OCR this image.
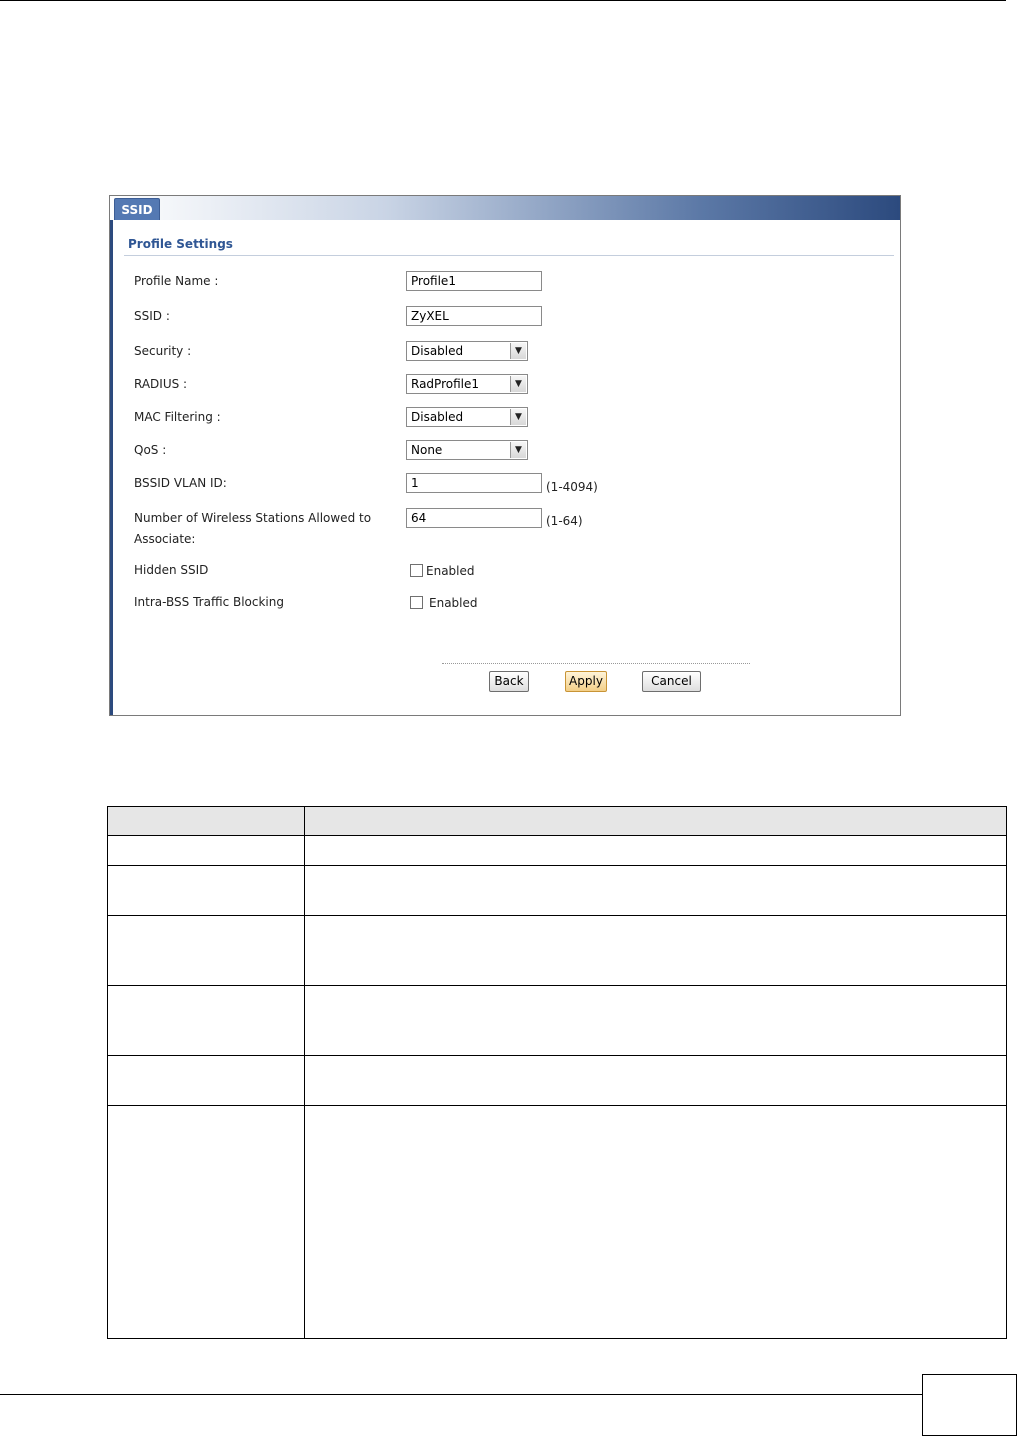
SSID
Profile Settings
Profile Name :	Profile1
SSID :	ZyXEL
Security :	Disabled	▼
RADIUS :	RadProfile1	▼
MAC Filtering :	Disabled	▼
QoS :	None	▼
BSSID VLAN ID:	1	(1-4094)
Number of Wireless Stations Allowed to
Associate:
64	(1-64)
Hidden SSID	Enabled
Intra-BSS Traffic Blocking	Enabled
Back	Apply	Cancel
